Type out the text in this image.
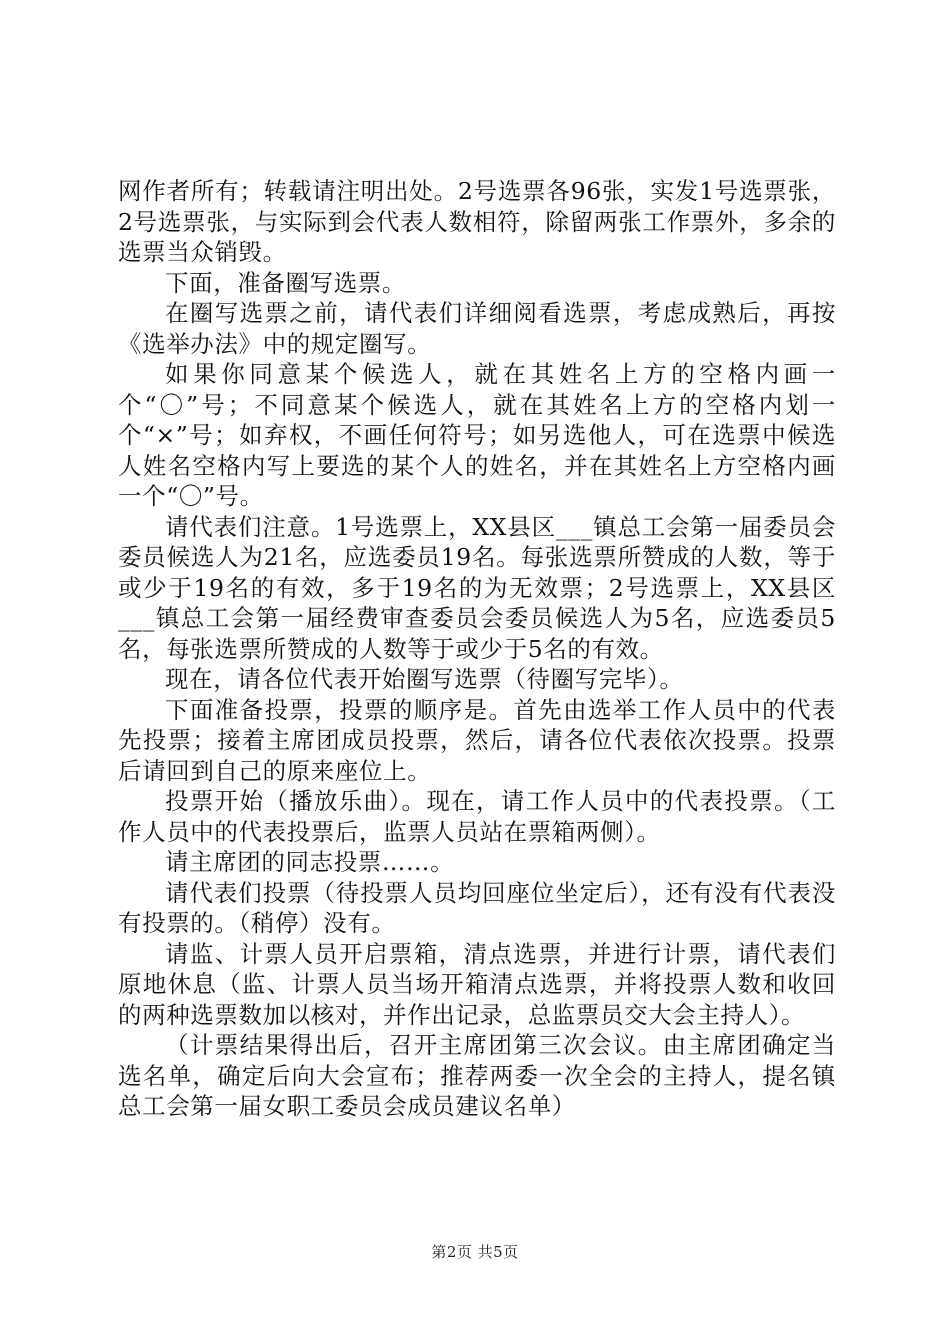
网作者所有；转载请注明出处。2号选票各96张，实发1号选票张，2号选票张，与实际到会代表人数相符，除留两张工作票外，多余的选票当众销毁。

下面，准备圈写选票。

在圈写选票之前，请代表们详细阅看选票，考虑成熟后，再按《选举办法》中的规定圈写。

如果你同意某个候选人，就在其姓名上方的空格内画一个“〇”号；不同意某个候选人，就在其姓名上方的空格内划一个“×”号；如弃权，不画任何符号；如另选他人，可在选票中候选人姓名空格内写上要选的某个人的姓名，并在其姓名上方空格内画一个“〇”号。

请代表们注意。1号选票上，XX县区___镇总工会第一届委员会委员候选人为21名，应选委员19名。每张选票所赞成的人数，等于或少于19名的有效，多于19名的为无效票；2号选票上，XX县区___镇总工会第一届经费审查委员会委员候选人为5名，应选委员5名，每张选票所赞成的人数等于或少于5名的有效。

现在，请各位代表开始圈写选票（待圈写完毕）。

下面准备投票，投票的顺序是。首先由选举工作人员中的代表先投票；接着主席团成员投票，然后，请各位代表依次投票。投票后请回到自己的原来座位上。

投票开始（播放乐曲）。现在，请工作人员中的代表投票。（工作人员中的代表投票后，监票人员站在票箱两侧）。

请主席团的同志投票……。

请代表们投票（待投票人员均回座位坐定后），还有没有代表没有投票的。（稍停）没有。

请监、计票人员开启票箱，清点选票，并进行计票，请代表们原地休息（监、计票人员当场开箱清点选票，并将投票人数和收回的两种选票数加以核对，并作出记录，总监票员交大会主持人）。

（计票结果得出后，召开主席团第三次会议。由主席团确定当选名单，确定后向大会宣布；推荐两委一次全会的主持人，提名镇总工会第一届女职工委员会成员建议名单）

第2页 共5页
